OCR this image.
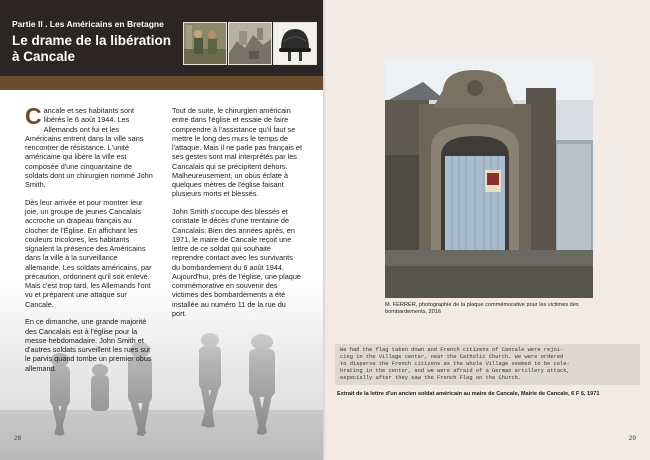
Partie II . Les Américains en Bretagne
Le drame de la libération à Cancale

Cancale et ses habitants sont libérés le 6 août 1944. Les Allemands ont fui et les Américains entrent dans la ville sans rencontrer de résistance. L'unité américaine qui libère la ville est composée d'une cinquantaine de soldats dont un chirurgien nommé John Smith.

Dès leur arrivée et pour montrer leur joie, un groupe de jeunes Cancalais accroche un drapeau français au clocher de l'Église. En affichant les couleurs tricolores, les habitants signalent la présence des Américains dans la ville à la surveillance allemande. Les soldats américains, par précaution, ordonnent qu'il soit enlevé. Mais c'est trop tard, les Allemands l'ont vu et préparent une attaque sur Cancale.

En ce dimanche, une grande majorité des Cancalais est à l'église pour la messe hebdomadaire. John Smith et d'autres soldats surveillent les rues sur le parvis quand tombe un premier obus allemand.

Tout de suite, le chirurgien américain entre dans l'église et essaie de faire comprendre à l'assistance qu'il faut se mettre le long des murs le temps de l'attaque. Mais il ne parle pas français et ses gestes sont mal interprétés par les Cancalais qui se précipitent dehors. Malheureusement, un obus éclate à quelques mètres de l'église faisant plusieurs morts et blessés.

John Smith s'occupe des blessés et constate le décès d'une trentaine de Cancalais. Bien des années après, en 1971, le maire de Cancale reçoit une lettre de ce soldat qui souhaite reprendre contact avec les survivants du bombardement du 6 août 1944. Aujourd'hui, près de l'église, une plaque commémorative en souvenir des victimes des bombardements a été installée au numéro 11 de la rue du port.

28
M. FERRER, photographie de la plaque commémorative pour les victimes des bombardements, 2016
We had the flag taken down and French citizens of Cancale were rejoi-
cing in the Village center, near the Catholic Church. We were ordered
to disperse the French citizens as the whole Village seemed to be cele-
brating in the center, and we were afraid of a German artillery attack,
especially after they saw the French Flag on the Church.
Extrait de la lettre d'un ancien soldat américain au maire de Cancale, Mairie de Cancale, 6 F 6, 1971
29
